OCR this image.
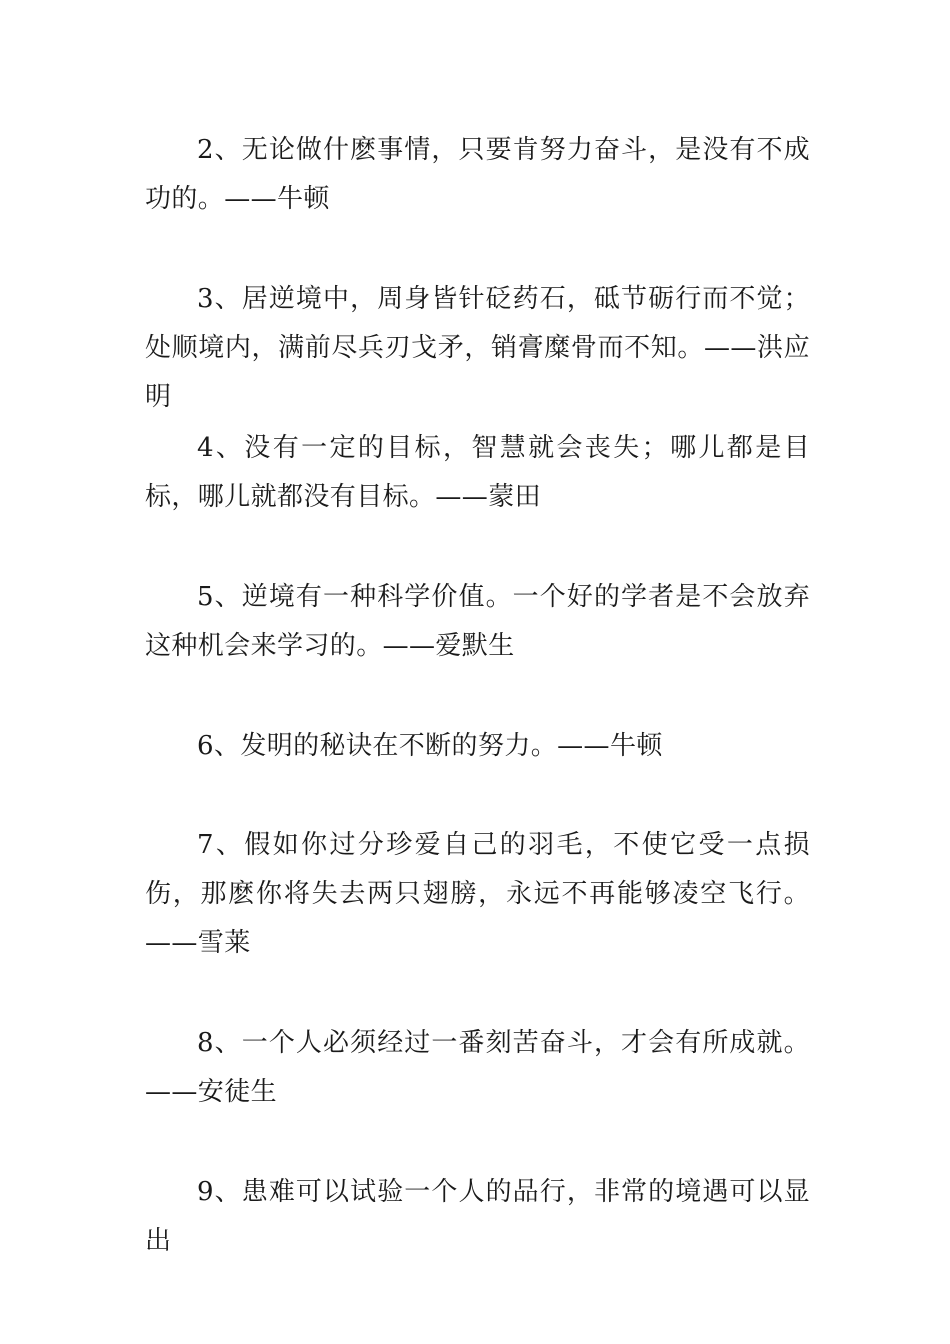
2、无论做什麽事情，只要肯努力奋斗，是没有不成功的。——牛顿

3、居逆境中，周身皆针砭药石，砥节砺行而不觉；处顺境内，满前尽兵刃戈矛，销膏糜骨而不知。——洪应明

4、没有一定的目标，智慧就会丧失；哪儿都是目标，哪儿就都没有目标。——蒙田

5、逆境有一种科学价值。一个好的学者是不会放弃这种机会来学习的。——爱默生

6、发明的秘诀在不断的努力。——牛顿

7、假如你过分珍爱自己的羽毛，不使它受一点损伤，那麽你将失去两只翅膀，永远不再能够凌空飞行。——雪莱

8、一个人必须经过一番刻苦奋斗，才会有所成就。——安徒生

9、患难可以试验一个人的品行，非常的境遇可以显出
